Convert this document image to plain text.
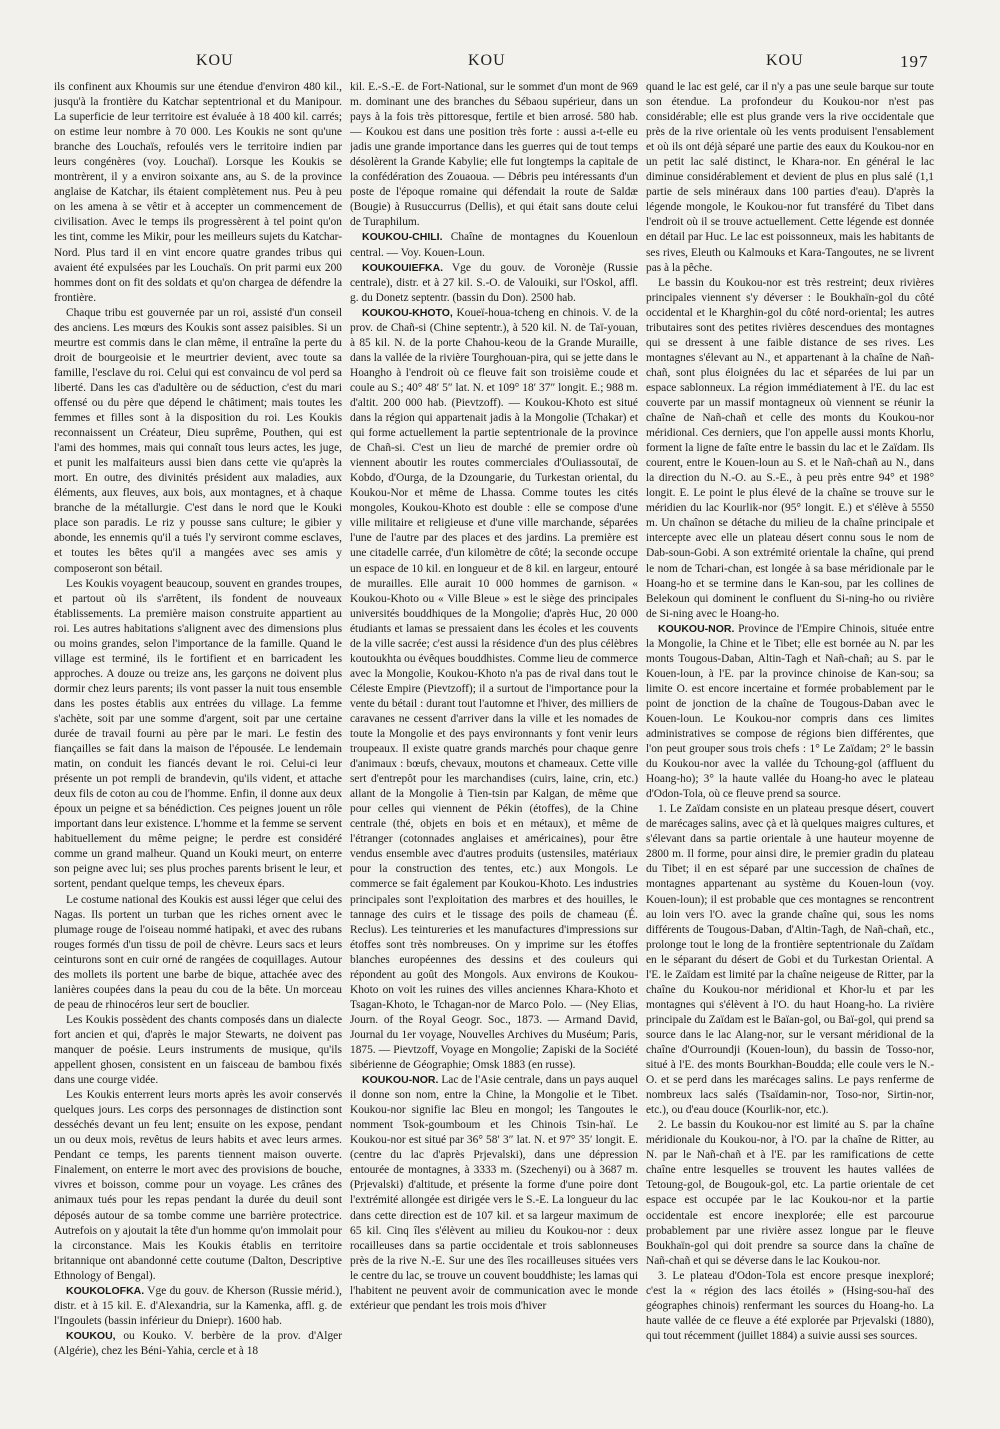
KOU	KOU	KOU	197

ils confinent aux Khoumis sur une étendue d'environ 480 kil., jusqu'à la frontière du Katchar septentrional et du Manipour. La superficie de leur territoire est évaluée à 18 400 kil. carrés; on estime leur nombre à 70 000. Les Koukis ne sont qu'une branche des Louchaïs, refoulés vers le territoire indien par leurs congénères (voy. Louchaï). Lorsque les Koukis se montrèrent, il y a environ soixante ans, au S. de la province anglaise de Katchar, ils étaient complètement nus. Peu à peu on les amena à se vêtir et à accepter un commencement de civilisation. Avec le temps ils progressèrent à tel point qu'on les tint, comme les Mikir, pour les meilleurs sujets du Katchar-Nord. Plus tard il en vint encore quatre grandes tribus qui avaient été expulsées par les Louchaïs. On prit parmi eux 200 hommes dont on fit des soldats et qu'on chargea de défendre la frontière.

Chaque tribu est gouvernée par un roi, assisté d'un conseil des anciens. Les mœurs des Koukis sont assez paisibles. Si un meurtre est commis dans le clan même, il entraîne la perte du droit de bourgeoisie et le meurtrier devient, avec toute sa famille, l'esclave du roi. Celui qui est convaincu de vol perd sa liberté. Dans les cas d'adultère ou de séduction, c'est du mari offensé ou du père que dépend le châtiment; mais toutes les femmes et filles sont à la disposition du roi. Les Koukis reconnaissent un Créateur, Dieu suprême, Pouthen, qui est l'ami des hommes, mais qui connaît tous leurs actes, les juge, et punit les malfaiteurs aussi bien dans cette vie qu'après la mort. En outre, des divinités président aux maladies, aux éléments, aux fleuves, aux bois, aux montagnes, et à chaque branche de la métallurgie. C'est dans le nord que le Kouki place son paradis. Le riz y pousse sans culture; le gibier y abonde, les ennemis qu'il a tués l'y serviront comme esclaves, et toutes les bêtes qu'il a mangées avec ses amis y composeront son bétail.

Les Koukis voyagent beaucoup, souvent en grandes troupes, et partout où ils s'arrêtent, ils fondent de nouveaux établissements. La première maison construite appartient au roi. Les autres habitations s'alignent avec des dimensions plus ou moins grandes, selon l'importance de la famille. Quand le village est terminé, ils le fortifient et en barricadent les approches. A douze ou treize ans, les garçons ne doivent plus dormir chez leurs parents; ils vont passer la nuit tous ensemble dans les postes établis aux entrées du village. La femme s'achète, soit par une somme d'argent, soit par une certaine durée de travail fourni au père par le mari. Le festin des fiançailles se fait dans la maison de l'épousée. Le lendemain matin, on conduit les fiancés devant le roi. Celui-ci leur présente un pot rempli de brandevin, qu'ils vident, et attache deux fils de coton au cou de l'homme. Enfin, il donne aux deux époux un peigne et sa bénédiction. Ces peignes jouent un rôle important dans leur existence. L'homme et la femme se servent habituellement du même peigne; le perdre est considéré comme un grand malheur. Quand un Kouki meurt, on enterre son peigne avec lui; ses plus proches parents brisent le leur, et sortent, pendant quelque temps, les cheveux épars.

Le costume national des Koukis est aussi léger que celui des Nagas. Ils portent un turban que les riches ornent avec le plumage rouge de l'oiseau nommé hatipaki, et avec des rubans rouges formés d'un tissu de poil de chèvre. Leurs sacs et leurs ceinturons sont en cuir orné de rangées de coquillages. Autour des mollets ils portent une barbe de bique, attachée avec des lanières coupées dans la peau du cou de la bête. Un morceau de peau de rhinocéros leur sert de bouclier.

Les Koukis possèdent des chants composés dans un dialecte fort ancien et qui, d'après le major Stewarts, ne doivent pas manquer de poésie. Leurs instruments de musique, qu'ils appellent ghosen, consistent en un faisceau de bambou fixés dans une courge vidée.

Les Koukis enterrent leurs morts après les avoir conservés quelques jours. Les corps des personnages de distinction sont desséchés devant un feu lent; ensuite on les expose, pendant un ou deux mois, revêtus de leurs habits et avec leurs armes. Pendant ce temps, les parents tiennent maison ouverte. Finalement, on enterre le mort avec des provisions de bouche, vivres et boisson, comme pour un voyage. Les crânes des animaux tués pour les repas pendant la durée du deuil sont déposés autour de sa tombe comme une barrière protectrice. Autrefois on y ajoutait la tête d'un homme qu'on immolait pour la circonstance. Mais les Koukis établis en territoire britannique ont abandonné cette coutume (Dalton, Descriptive Ethnology of Bengal).

KOUKOLOFKA. Vge du gouv. de Kherson (Russie mérid.), distr. et à 15 kil. E. d'Alexandria, sur la Kamenka, affl. g. de l'Ingoulets (bassin inférieur du Dniepr). 1600 hab.

KOUKOU, ou Kouko. V. berbère de la prov. d'Alger (Algérie), chez les Béni-Yahia, cercle et à 18

kil. E.-S.-E. de Fort-National, sur le sommet d'un mont de 969 m. dominant une des branches du Sébaou supérieur, dans un pays à la fois très pittoresque, fertile et bien arrosé. 580 hab. — Koukou est dans une position très forte : aussi a-t-elle eu jadis une grande importance dans les guerres qui de tout temps désolèrent la Grande Kabylie; elle fut longtemps la capitale de la confédération des Zouaoua. — Débris peu intéressants d'un poste de l'époque romaine qui défendait la route de Saldæ (Bougie) à Rusuccurrus (Dellis), et qui était sans doute celui de Turaphilum.

KOUKOU-CHILI. Chaîne de montagnes du Kouenloun central. — Voy. Kouen-Loun.

KOUKOUIEFKA. Vge du gouv. de Voronèje (Russie centrale), distr. et à 27 kil. S.-O. de Valouiki, sur l'Oskol, affl. g. du Donetz septentr. (bassin du Don). 2500 hab.

KOUKOU-KHOTO, Koueï-houa-tcheng en chinois. V. de la prov. de Chañ-si (Chine septentr.), à 520 kil. N. de Taï-youan, à 85 kil. N. de la porte Chahou-keou de la Grande Muraille, dans la vallée de la rivière Tourghouan-pira, qui se jette dans le Hoangho à l'endroit où ce fleuve fait son troisième coude et coule au S.; 40° 48′ 5″ lat. N. et 109° 18′ 37″ longit. E.; 988 m. d'altit. 200 000 hab. (Pievtzoff). — Koukou-Khoto est situé dans la région qui appartenait jadis à la Mongolie (Tchakar) et qui forme actuellement la partie septentrionale de la province de Chañ-si. C'est un lieu de marché de premier ordre où viennent aboutir les routes commerciales d'Ouliassoutaï, de Kobdo, d'Ourga, de la Dzoungarie, du Turkestan oriental, du Koukou-Nor et même de Lhassa. Comme toutes les cités mongoles, Koukou-Khoto est double : elle se compose d'une ville militaire et religieuse et d'une ville marchande, séparées l'une de l'autre par des places et des jardins. La première est une citadelle carrée, d'un kilomètre de côté; la seconde occupe un espace de 10 kil. en longueur et de 8 kil. en largeur, entouré de murailles. Elle aurait 10 000 hommes de garnison. « Koukou-Khoto ou « Ville Bleue » est le siège des principales universités bouddhiques de la Mongolie; d'après Huc, 20 000 étudiants et lamas se pressaient dans les écoles et les couvents de la ville sacrée; c'est aussi la résidence d'un des plus célèbres koutoukhta ou évêques bouddhistes. Comme lieu de commerce avec la Mongolie, Koukou-Khoto n'a pas de rival dans tout le Céleste Empire (Pievtzoff); il a surtout de l'importance pour la vente du bétail : durant tout l'automne et l'hiver, des milliers de caravanes ne cessent d'arriver dans la ville et les nomades de toute la Mongolie et des pays environnants y font venir leurs troupeaux. Il existe quatre grands marchés pour chaque genre d'animaux : bœufs, chevaux, moutons et chameaux. Cette ville sert d'entrepôt pour les marchandises (cuirs, laine, crin, etc.) allant de la Mongolie à Tien-tsin par Kalgan, de même que pour celles qui viennent de Pékin (étoffes), de la Chine centrale (thé, objets en bois et en métaux), et même de l'étranger (cotonnades anglaises et américaines), pour être vendus ensemble avec d'autres produits (ustensiles, matériaux pour la construction des tentes, etc.) aux Mongols. Le commerce se fait également par Koukou-Khoto. Les industries principales sont l'exploitation des marbres et des houilles, le tannage des cuirs et le tissage des poils de chameau (É. Reclus). Les teintureries et les manufactures d'impressions sur étoffes sont très nombreuses. On y imprime sur les étoffes blanches européennes des dessins et des couleurs qui répondent au goût des Mongols. Aux environs de Koukou-Khoto on voit les ruines des villes anciennes Khara-Khoto et Tsagan-Khoto, le Tchagan-nor de Marco Polo. — (Ney Elias, Journ. of the Royal Geogr. Soc., 1873. — Armand David, Journal du 1er voyage, Nouvelles Archives du Muséum; Paris, 1875. — Pievtzoff, Voyage en Mongolie; Zapiski de la Société sibérienne de Géographie; Omsk 1883 (en russe).

KOUKOU-NOR. Lac de l'Asie centrale, dans un pays auquel il donne son nom, entre la Chine, la Mongolie et le Tibet. Koukou-nor signifie lac Bleu en mongol; les Tangoutes le nomment Tsok-goumboum et les Chinois Tsin-haï. Le Koukou-nor est situé par 36° 58′ 3″ lat. N. et 97° 35′ longit. E. (centre du lac d'après Prjevalski), dans une dépression entourée de montagnes, à 3333 m. (Szechenyi) ou à 3687 m. (Prjevalski) d'altitude, et présente la forme d'une poire dont l'extrémité allongée est dirigée vers le S.-E. La longueur du lac dans cette direction est de 107 kil. et sa largeur maximum de 65 kil. Cinq îles s'élèvent au milieu du Koukou-nor : deux rocailleuses dans sa partie occidentale et trois sablonneuses près de la rive N.-E. Sur une des îles rocailleuses situées vers le centre du lac, se trouve un couvent bouddhiste; les lamas qui l'habitent ne peuvent avoir de communication avec le monde extérieur que pendant les trois mois d'hiver

quand le lac est gelé, car il n'y a pas une seule barque sur toute son étendue. La profondeur du Koukou-nor n'est pas considérable; elle est plus grande vers la rive occidentale que près de la rive orientale où les vents produisent l'ensablement et où ils ont déjà séparé une partie des eaux du Koukou-nor en un petit lac salé distinct, le Khara-nor. En général le lac diminue considérablement et devient de plus en plus salé (1,1 partie de sels minéraux dans 100 parties d'eau). D'après la légende mongole, le Koukou-nor fut transféré du Tibet dans l'endroit où il se trouve actuellement. Cette légende est donnée en détail par Huc. Le lac est poissonneux, mais les habitants de ses rives, Eleuth ou Kalmouks et Kara-Tangoutes, ne se livrent pas à la pêche.

Le bassin du Koukou-nor est très restreint; deux rivières principales viennent s'y déverser : le Boukhaïn-gol du côté occidental et le Kharghin-gol du côté nord-oriental; les autres tributaires sont des petites rivières descendues des montagnes qui se dressent à une faible distance de ses rives. Les montagnes s'élevant au N., et appartenant à la chaîne de Nañ-chañ, sont plus éloignées du lac et séparées de lui par un espace sablonneux. La région immédiatement à l'E. du lac est couverte par un massif montagneux où viennent se réunir la chaîne de Nañ-chañ et celle des monts du Koukou-nor méridional. Ces derniers, que l'on appelle aussi monts Khorlu, forment la ligne de faîte entre le bassin du lac et le Zaïdam. Ils courent, entre le Kouen-loun au S. et le Nañ-chañ au N., dans la direction du N.-O. au S.-E., à peu près entre 94° et 198° longit. E. Le point le plus élevé de la chaîne se trouve sur le méridien du lac Kourlik-nor (95° longit. E.) et s'élève à 5550 m. Un chaînon se détache du milieu de la chaîne principale et intercepte avec elle un plateau désert connu sous le nom de Dab-soun-Gobi. A son extrémité orientale la chaîne, qui prend le nom de Tchari-chan, est longée à sa base méridionale par le Hoang-ho et se termine dans le Kan-sou, par les collines de Belekoun qui dominent le confluent du Si-ning-ho ou rivière de Si-ning avec le Hoang-ho.

KOUKOU-NOR. Province de l'Empire Chinois, située entre la Mongolie, la Chine et le Tibet; elle est bornée au N. par les monts Tougous-Daban, Altin-Tagh et Nañ-chañ; au S. par le Kouen-loun, à l'E. par la province chinoise de Kan-sou; sa limite O. est encore incertaine et formée probablement par le point de jonction de la chaîne de Tougous-Daban avec le Kouen-loun. Le Koukou-nor compris dans ces limites administratives se compose de régions bien différentes, que l'on peut grouper sous trois chefs : 1° Le Zaïdam; 2° le bassin du Koukou-nor avec la vallée du Tchoung-gol (affluent du Hoang-ho); 3° la haute vallée du Hoang-ho avec le plateau d'Odon-Tola, où ce fleuve prend sa source.

1. Le Zaïdam consiste en un plateau presque désert, couvert de marécages salins, avec çà et là quelques maigres cultures, et s'élevant dans sa partie orientale à une hauteur moyenne de 2800 m. Il forme, pour ainsi dire, le premier gradin du plateau du Tibet; il en est séparé par une succession de chaînes de montagnes appartenant au système du Kouen-loun (voy. Kouen-loun); il est probable que ces montagnes se rencontrent au loin vers l'O. avec la grande chaîne qui, sous les noms différents de Tougous-Daban, d'Altin-Tagh, de Nañ-chañ, etc., prolonge tout le long de la frontière septentrionale du Zaïdam en le séparant du désert de Gobi et du Turkestan Oriental. A l'E. le Zaïdam est limité par la chaîne neigeuse de Ritter, par la chaîne du Koukou-nor méridional et Khor-lu et par les montagnes qui s'élèvent à l'O. du haut Hoang-ho. La rivière principale du Zaïdam est le Baïan-gol, ou Baï-gol, qui prend sa source dans le lac Alang-nor, sur le versant méridional de la chaîne d'Ourroundji (Kouen-loun), du bassin de Tosso-nor, situé à l'E. des monts Bourkhan-Boudda; elle coule vers le N.-O. et se perd dans les marécages salins. Le pays renferme de nombreux lacs salés (Tsaïdamin-nor, Toso-nor, Sirtin-nor, etc.), ou d'eau douce (Kourlik-nor, etc.).

2. Le bassin du Koukou-nor est limité au S. par la chaîne méridionale du Koukou-nor, à l'O. par la chaîne de Ritter, au N. par le Nañ-chañ et à l'E. par les ramifications de cette chaîne entre lesquelles se trouvent les hautes vallées de Tetoung-gol, de Bougouk-gol, etc. La partie orientale de cet espace est occupée par le lac Koukou-nor et la partie occidentale est encore inexplorée; elle est parcourue probablement par une rivière assez longue par le fleuve Boukhaïn-gol qui doit prendre sa source dans la chaîne de Nañ-chañ et qui se déverse dans le lac Koukou-nor.

3. Le plateau d'Odon-Tola est encore presque inexploré; c'est la « région des lacs étoilés » (Hsing-sou-haï des géographes chinois) renfermant les sources du Hoang-ho. La haute vallée de ce fleuve a été explorée par Prjevalski (1880), qui tout récemment (juillet 1884) a suivie aussi ses sources.
